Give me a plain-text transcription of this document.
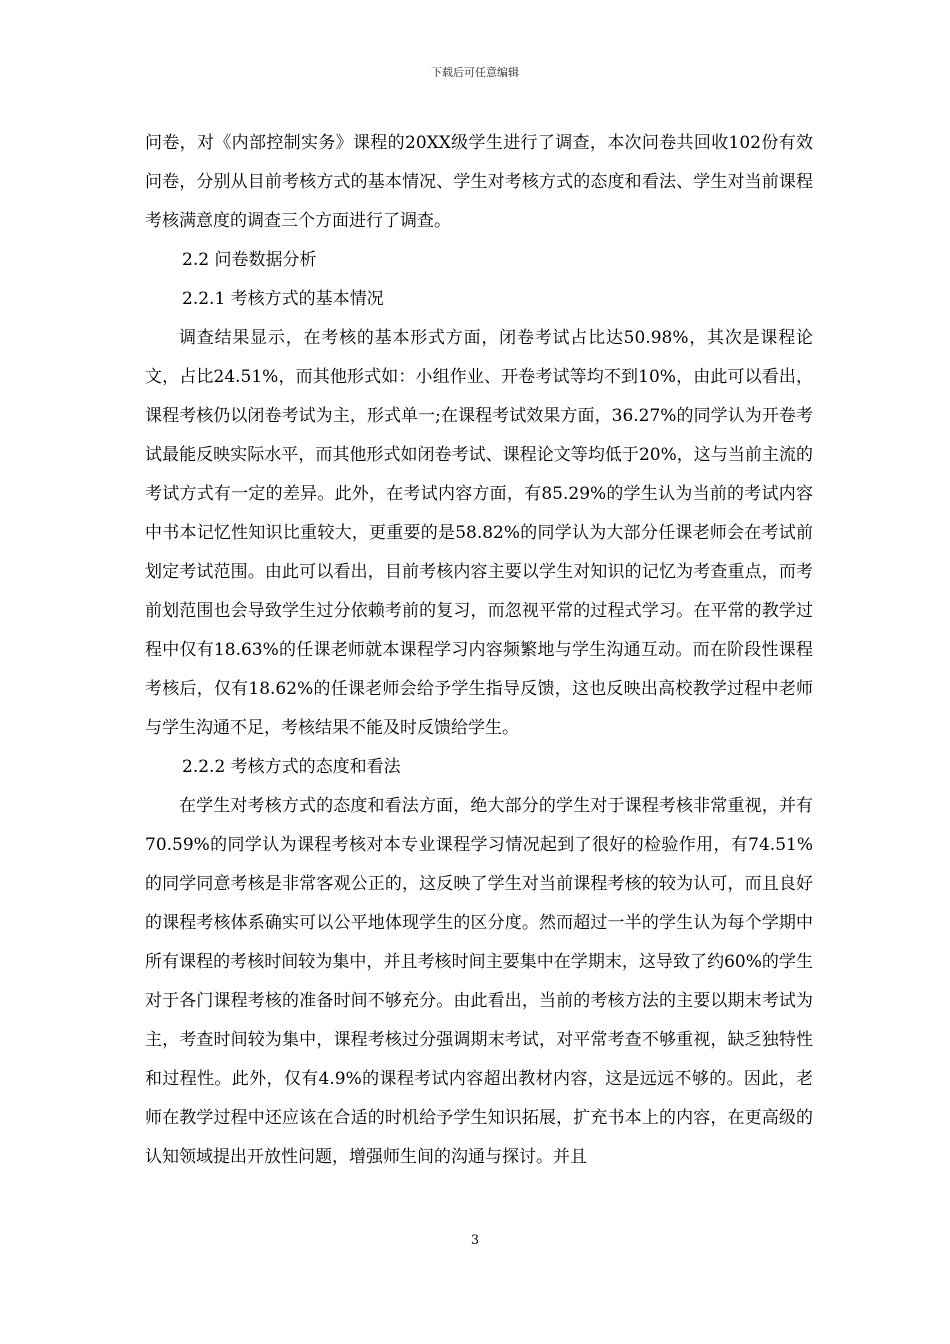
下载后可任意编辑

问卷，对《内部控制实务》课程的20XX级学生进行了调查，本次问卷共回收102份有效问卷，分别从目前考核方式的基本情况、学生对考核方式的态度和看法、学生对当前课程考核满意度的调查三个方面进行了调查。

2.2 问卷数据分析

2.2.1 考核方式的基本情况

调查结果显示，在考核的基本形式方面，闭卷考试占比达50.98%，其次是课程论文，占比24.51%，而其他形式如：小组作业、开卷考试等均不到10%，由此可以看出，课程考核仍以闭卷考试为主，形式单一;在课程考试效果方面，36.27%的同学认为开卷考试最能反映实际水平，而其他形式如闭卷考试、课程论文等均低于20%，这与当前主流的考试方式有一定的差异。此外，在考试内容方面，有85.29%的学生认为当前的考试内容中书本记忆性知识比重较大，更重要的是58.82%的同学认为大部分任课老师会在考试前划定考试范围。由此可以看出，目前考核内容主要以学生对知识的记忆为考查重点，而考前划范围也会导致学生过分依赖考前的复习，而忽视平常的过程式学习。在平常的教学过程中仅有18.63%的任课老师就本课程学习内容频繁地与学生沟通互动。而在阶段性课程考核后，仅有18.62%的任课老师会给予学生指导反馈，这也反映出高校教学过程中老师与学生沟通不足，考核结果不能及时反馈给学生。

2.2.2 考核方式的态度和看法

在学生对考核方式的态度和看法方面，绝大部分的学生对于课程考核非常重视，并有70.59%的同学认为课程考核对本专业课程学习情况起到了很好的检验作用，有74.51%的同学同意考核是非常客观公正的，这反映了学生对当前课程考核的较为认可，而且良好的课程考核体系确实可以公平地体现学生的区分度。然而超过一半的学生认为每个学期中所有课程的考核时间较为集中，并且考核时间主要集中在学期末，这导致了约60%的学生对于各门课程考核的准备时间不够充分。由此看出，当前的考核方法的主要以期末考试为主，考查时间较为集中，课程考核过分强调期末考试，对平常考查不够重视，缺乏独特性和过程性。此外，仅有4.9%的课程考试内容超出教材内容，这是远远不够的。因此，老师在教学过程中还应该在合适的时机给予学生知识拓展，扩充书本上的内容，在更高级的认知领域提出开放性问题，增强师生间的沟通与探讨。并且

3
